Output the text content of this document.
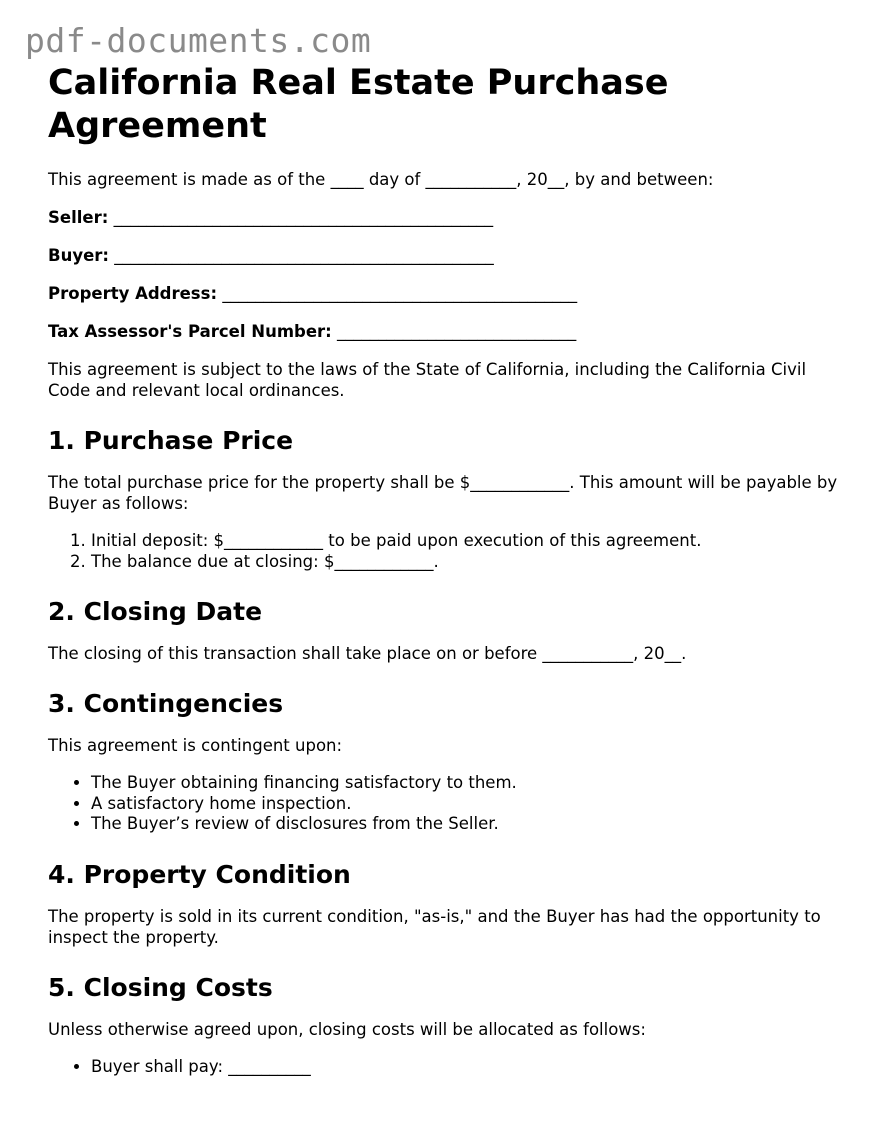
pdf-documents.com
California Real Estate Purchase Agreement

This agreement is made as of the ____ day of ___________, 20__, by and between:

Seller: ______________________________________________

Buyer: ______________________________________________

Property Address: ___________________________________________

Tax Assessor's Parcel Number: _____________________________

This agreement is subject to the laws of the State of California, including the California Civil Code and relevant local ordinances.

1. Purchase Price

The total purchase price for the property shall be $____________. This amount will be payable by Buyer as follows:

1. Initial deposit: $____________ to be paid upon execution of this agreement.
2. The balance due at closing: $____________.
2. Closing Date

The closing of this transaction shall take place on or before ___________, 20__.

3. Contingencies

This agreement is contingent upon:

• The Buyer obtaining financing satisfactory to them.
• A satisfactory home inspection.
• The Buyer’s review of disclosures from the Seller.
4. Property Condition

The property is sold in its current condition, "as-is," and the Buyer has had the opportunity to inspect the property.

5. Closing Costs

Unless otherwise agreed upon, closing costs will be allocated as follows:

• Buyer shall pay: __________
